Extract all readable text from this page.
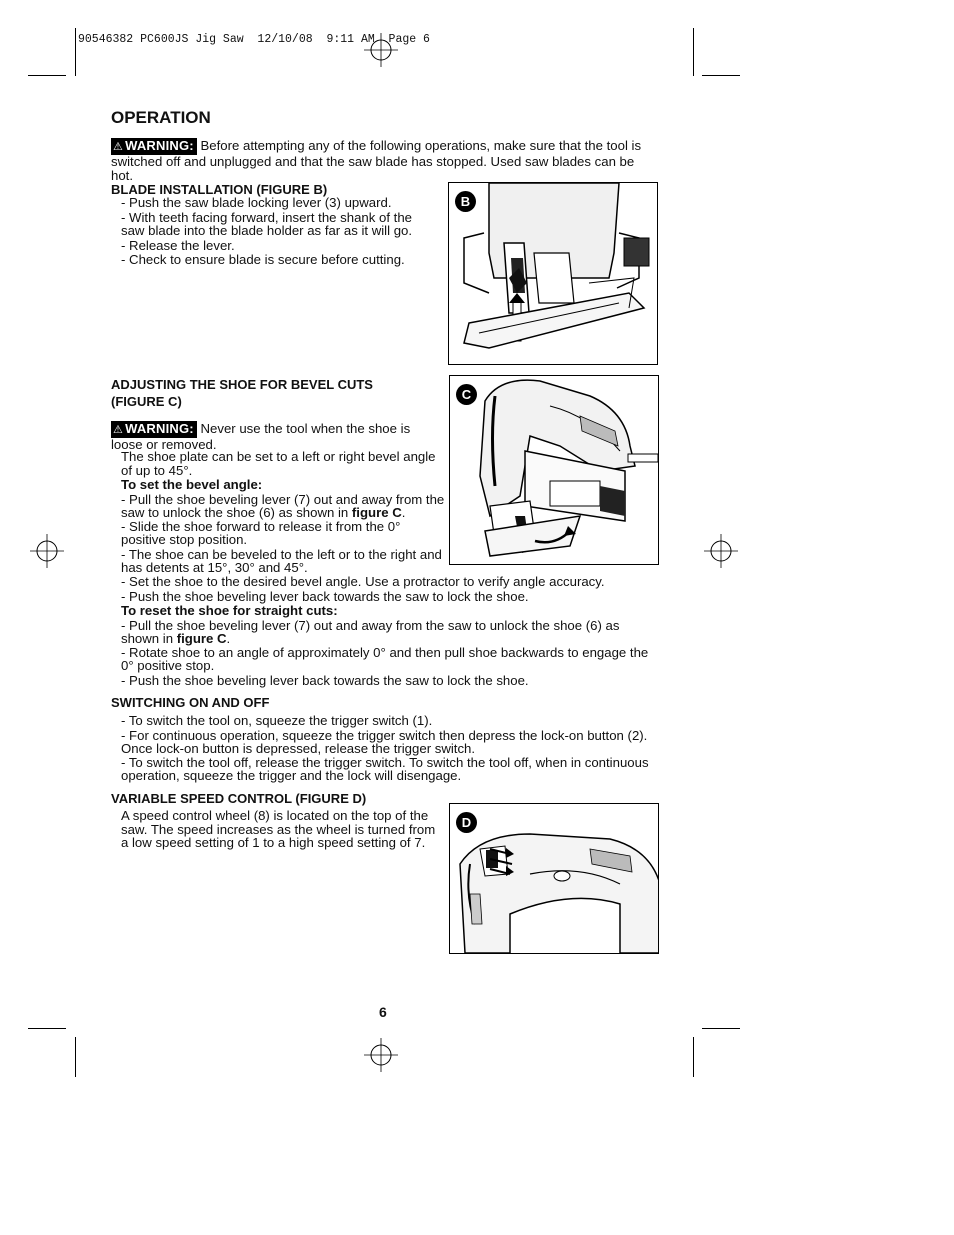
90546382 PC600JS Jig Saw  12/10/08  9:11 AM  Page 6
OPERATION
⚠ WARNING: Before attempting any of the following operations, make sure that the tool is switched off and unplugged and that the saw blade has stopped. Used saw blades can be hot.
BLADE INSTALLATION (FIGURE B)
- Push the saw blade locking lever (3) upward.
- With teeth facing forward, insert the shank of the saw blade into the blade holder as far as it will go.
- Release the lever.
- Check to ensure blade is secure before cutting.
B
ADJUSTING THE SHOE FOR BEVEL CUTS
(FIGURE C)
⚠ WARNING: Never use the tool when the shoe is loose or removed.
The shoe plate can be set to a left or right bevel angle of up to 45°.
To set the bevel angle:
- Pull the shoe beveling lever (7) out and away from the saw to unlock the shoe (6) as shown in figure C.
- Slide the shoe forward to release it from the 0° positive stop position.
- The shoe can be beveled to the left or to the right and has detents at 15°, 30° and 45°.
- Set the shoe to the desired bevel angle. Use a protractor to verify angle accuracy.
- Push the shoe beveling lever back towards the saw to lock the shoe.
To reset the shoe for straight cuts:
- Pull the shoe beveling lever (7) out and away from the saw to unlock the shoe (6) as shown in figure C.
- Rotate shoe to an angle of approximately 0° and then pull shoe backwards to engage the 0° positive stop.
- Push the shoe beveling lever back towards the saw to lock the shoe.
C
SWITCHING ON AND OFF
- To switch the tool on, squeeze the trigger switch (1).
- For continuous operation, squeeze the trigger switch then depress the lock-on button (2). Once lock-on button is depressed, release the trigger switch.
- To switch the tool off, release the trigger switch. To switch the tool off, when in continuous operation, squeeze the trigger and the lock will disengage.
VARIABLE SPEED CONTROL (FIGURE D)
A speed control wheel (8) is located on the top of the saw. The speed increases as the wheel is turned from a low speed setting of 1 to a high speed setting of 7.
D
6
